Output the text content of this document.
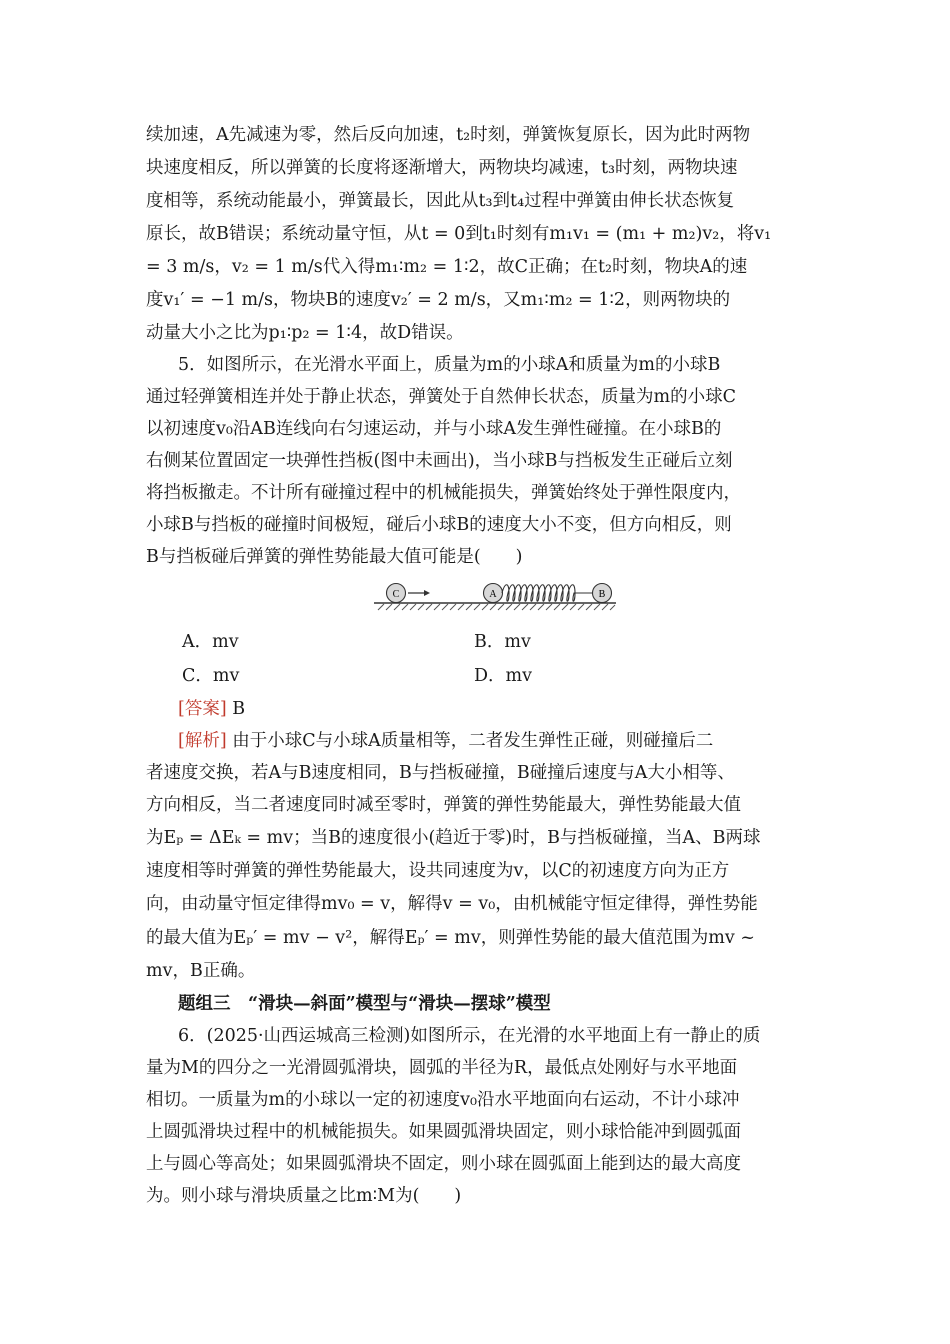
续加速，A先减速为零，然后反向加速，t₂时刻，弹簧恢复原长，因为此时两物
块速度相反，所以弹簧的长度将逐渐增大，两物块均减速，t₃时刻，两物块速
度相等，系统动能最小，弹簧最长，因此从t₃到t₄过程中弹簧由伸长状态恢复
原长，故B错误；系统动量守恒，从t = 0到t₁时刻有m₁v₁ = (m₁ + m₂)v₂，将v₁
= 3 m/s，v₂ = 1 m/s代入得m₁∶m₂ = 1∶2，故C正确；在t₂时刻，物块A的速
度v₁′ = −1 m/s，物块B的速度v₂′ = 2 m/s，又m₁∶m₂ = 1∶2，则两物块的
动量大小之比为p₁∶p₂ = 1∶4，故D错误。
5．如图所示，在光滑水平面上，质量为m的小球A和质量为m的小球B
通过轻弹簧相连并处于静止状态，弹簧处于自然伸长状态，质量为m的小球C
以初速度v₀沿AB连线向右匀速运动，并与小球A发生弹性碰撞。在小球B的
右侧某位置固定一块弹性挡板(图中未画出)，当小球B与挡板发生正碰后立刻
将挡板撤走。不计所有碰撞过程中的机械能损失，弹簧始终处于弹性限度内，
小球B与挡板的碰撞时间极短，碰后小球B的速度大小不变，但方向相反，则
B与挡板碰后弹簧的弹性势能最大值可能是(　　)
C	A	B
A．mv	B．mv
C．mv	D．mv
[答案] B
[解析] 由于小球C与小球A质量相等，二者发生弹性正碰，则碰撞后二
者速度交换，若A与B速度相同，B与挡板碰撞，B碰撞后速度与A大小相等、
方向相反，当二者速度同时减至零时，弹簧的弹性势能最大，弹性势能最大值
为Eₚ = ΔEₖ = mv；当B的速度很小(趋近于零)时，B与挡板碰撞，当A、B两球
速度相等时弹簧的弹性势能最大，设共同速度为v，以C的初速度方向为正方
向，由动量守恒定律得mv₀ = v，解得v = v₀，由机械能守恒定律得，弹性势能
的最大值为Eₚ′ = mv − v²，解得Eₚ′ = mv，则弹性势能的最大值范围为mv ~
mv，B正确。
题组三　“滑块—斜面”模型与“滑块—摆球”模型
6．(2025·山西运城高三检测)如图所示，在光滑的水平地面上有一静止的质
量为M的四分之一光滑圆弧滑块，圆弧的半径为R，最低点处刚好与水平地面
相切。一质量为m的小球以一定的初速度v₀沿水平地面向右运动，不计小球冲
上圆弧滑块过程中的机械能损失。如果圆弧滑块固定，则小球恰能冲到圆弧面
上与圆心等高处；如果圆弧滑块不固定，则小球在圆弧面上能到达的最大高度
为。则小球与滑块质量之比m∶M为(　　)
